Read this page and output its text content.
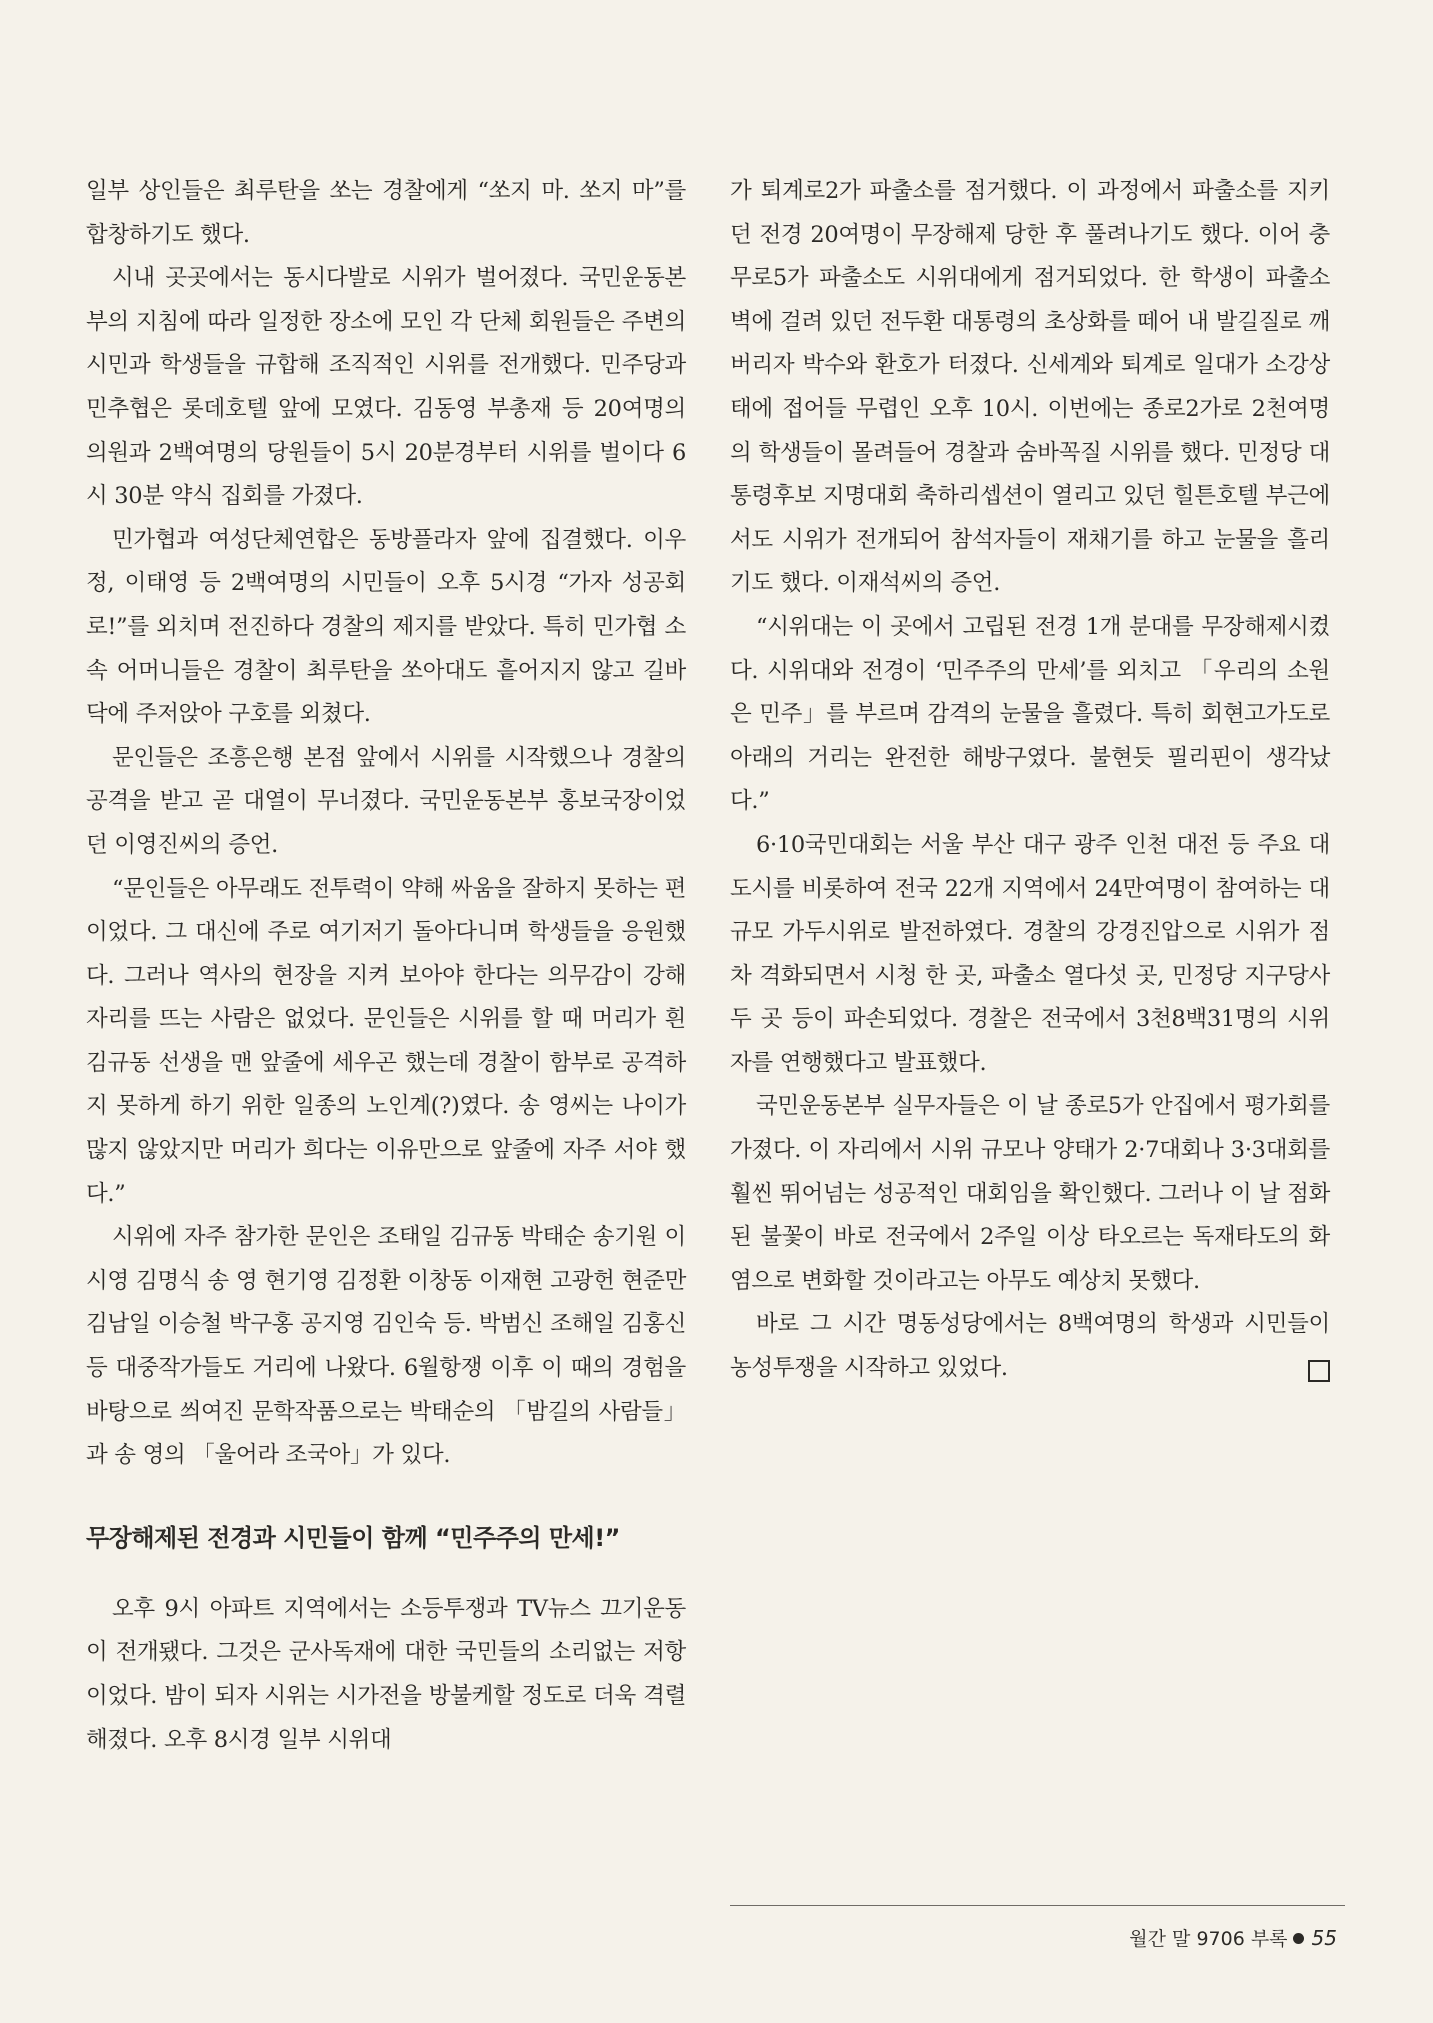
일부 상인들은 최루탄을 쏘는 경찰에게 “쏘지 마. 쏘지 마”를 합창하기도 했다.

시내 곳곳에서는 동시다발로 시위가 벌어졌다. 국민운동본부의 지침에 따라 일정한 장소에 모인 각 단체 회원들은 주변의 시민과 학생들을 규합해 조직적인 시위를 전개했다. 민주당과 민추협은 롯데호텔 앞에 모였다. 김동영 부총재 등 20여명의 의원과 2백여명의 당원들이 5시 20분경부터 시위를 벌이다 6시 30분 약식 집회를 가졌다.

민가협과 여성단체연합은 동방플라자 앞에 집결했다. 이우정, 이태영 등 2백여명의 시민들이 오후 5시경 “가자 성공회로!”를 외치며 전진하다 경찰의 제지를 받았다. 특히 민가협 소속 어머니들은 경찰이 최루탄을 쏘아대도 흩어지지 않고 길바닥에 주저앉아 구호를 외쳤다.

문인들은 조흥은행 본점 앞에서 시위를 시작했으나 경찰의 공격을 받고 곧 대열이 무너졌다. 국민운동본부 홍보국장이었던 이영진씨의 증언.

“문인들은 아무래도 전투력이 약해 싸움을 잘하지 못하는 편이었다. 그 대신에 주로 여기저기 돌아다니며 학생들을 응원했다. 그러나 역사의 현장을 지켜 보아야 한다는 의무감이 강해 자리를 뜨는 사람은 없었다. 문인들은 시위를 할 때 머리가 흰 김규동 선생을 맨 앞줄에 세우곤 했는데 경찰이 함부로 공격하지 못하게 하기 위한 일종의 노인계(?)였다. 송 영씨는 나이가 많지 않았지만 머리가 희다는 이유만으로 앞줄에 자주 서야 했다.”

시위에 자주 참가한 문인은 조태일 김규동 박태순 송기원 이시영 김명식 송 영 현기영 김정환 이창동 이재현 고광헌 현준만 김남일 이승철 박구홍 공지영 김인숙 등. 박범신 조해일 김홍신 등 대중작가들도 거리에 나왔다. 6월항쟁 이후 이 때의 경험을 바탕으로 씌여진 문학작품으로는 박태순의 「밤길의 사람들」과 송 영의 「울어라 조국아」가 있다.

무장해제된 전경과 시민들이 함께 “민주주의 만세!”

오후 9시 아파트 지역에서는 소등투쟁과 TV뉴스 끄기운동이 전개됐다. 그것은 군사독재에 대한 국민들의 소리없는 저항이었다. 밤이 되자 시위는 시가전을 방불케할 정도로 더욱 격렬해졌다. 오후 8시경 일부 시위대

가 퇴계로2가 파출소를 점거했다. 이 과정에서 파출소를 지키던 전경 20여명이 무장해제 당한 후 풀려나기도 했다. 이어 충무로5가 파출소도 시위대에게 점거되었다. 한 학생이 파출소 벽에 걸려 있던 전두환 대통령의 초상화를 떼어 내 발길질로 깨 버리자 박수와 환호가 터졌다. 신세계와 퇴계로 일대가 소강상태에 접어들 무렵인 오후 10시. 이번에는 종로2가로 2천여명의 학생들이 몰려들어 경찰과 숨바꼭질 시위를 했다. 민정당 대통령후보 지명대회 축하리셉션이 열리고 있던 힐튼호텔 부근에서도 시위가 전개되어 참석자들이 재채기를 하고 눈물을 흘리기도 했다. 이재석씨의 증언.

“시위대는 이 곳에서 고립된 전경 1개 분대를 무장해제시켰다. 시위대와 전경이 ‘민주주의 만세’를 외치고 「우리의 소원은 민주」를 부르며 감격의 눈물을 흘렸다. 특히 회현고가도로 아래의 거리는 완전한 해방구였다. 불현듯 필리핀이 생각났다.”

6·10국민대회는 서울 부산 대구 광주 인천 대전 등 주요 대도시를 비롯하여 전국 22개 지역에서 24만여명이 참여하는 대규모 가두시위로 발전하였다. 경찰의 강경진압으로 시위가 점차 격화되면서 시청 한 곳, 파출소 열다섯 곳, 민정당 지구당사 두 곳 등이 파손되었다. 경찰은 전국에서 3천8백31명의 시위자를 연행했다고 발표했다.

국민운동본부 실무자들은 이 날 종로5가 안집에서 평가회를 가졌다. 이 자리에서 시위 규모나 양태가 2·7대회나 3·3대회를 훨씬 뛰어넘는 성공적인 대회임을 확인했다. 그러나 이 날 점화된 불꽃이 바로 전국에서 2주일 이상 타오르는 독재타도의 화염으로 변화할 것이라고는 아무도 예상치 못했다.

바로 그 시간 명동성당에서는 8백여명의 학생과 시민들이 농성투쟁을 시작하고 있었다.

월간 말 9706 부록 55
